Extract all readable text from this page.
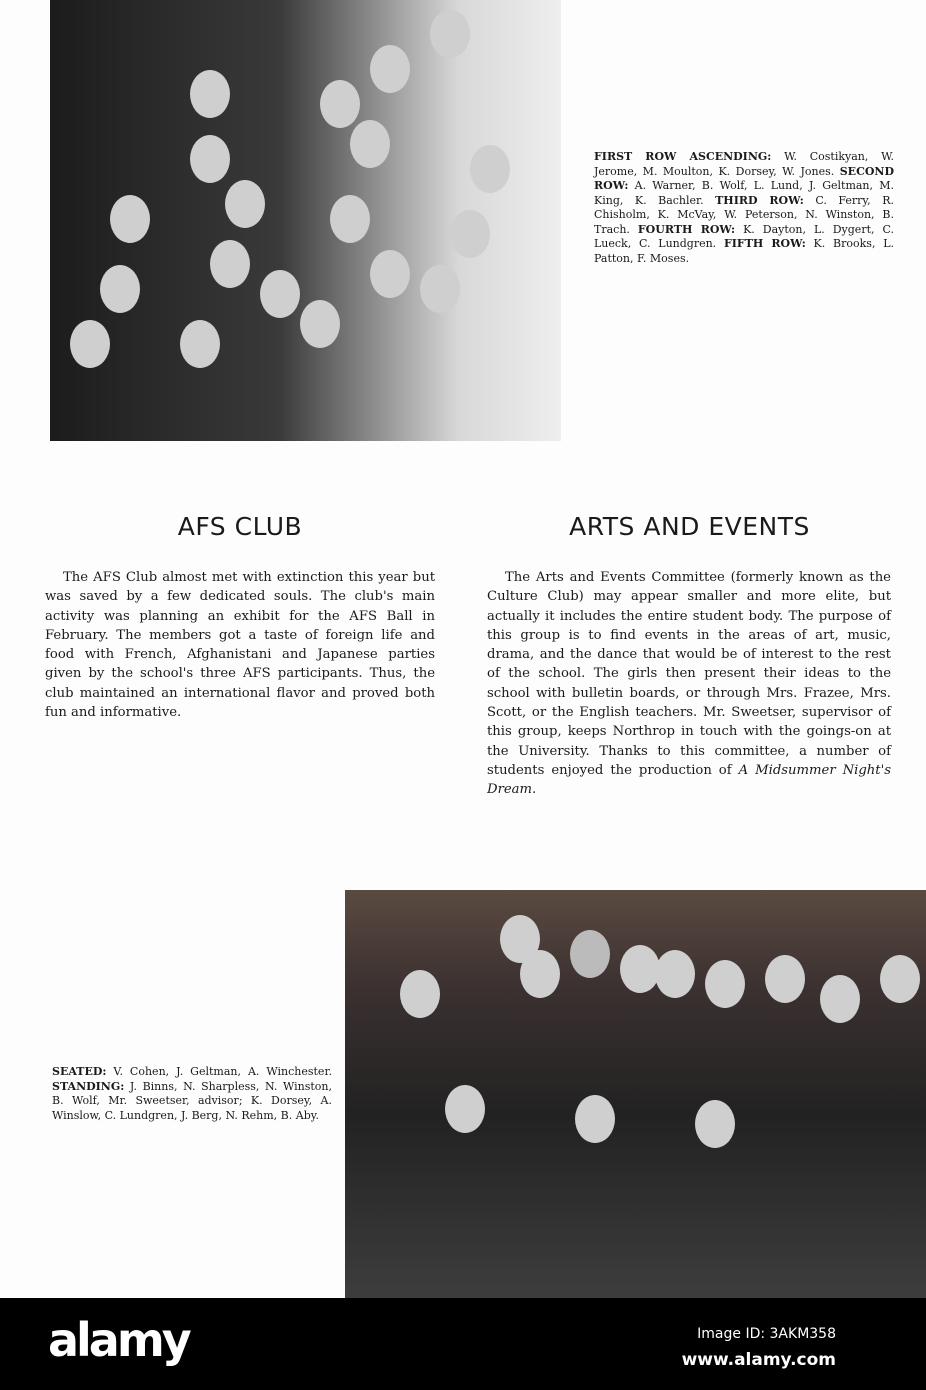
FIRST ROW ASCENDING: W. Costikyan, W. Jerome, M. Moulton, K. Dorsey, W. Jones. SECOND ROW: A. Warner, B. Wolf, L. Lund, J. Geltman, M. King, K. Bachler. THIRD ROW: C. Ferry, R. Chisholm, K. McVay, W. Peterson, N. Winston, B. Trach. FOURTH ROW: K. Dayton, L. Dygert, C. Lueck, C. Lundgren. FIFTH ROW: K. Brooks, L. Patton, F. Moses.
AFS CLUB	ARTS AND EVENTS

The AFS Club almost met with extinction this year but was saved by a few dedicated souls. The club's main activity was planning an exhibit for the AFS Ball in February. The members got a taste of foreign life and food with French, Afghanistani and Japanese parties given by the school's three AFS participants. Thus, the club maintained an international flavor and proved both fun and informative.

The Arts and Events Committee (formerly known as the Culture Club) may appear smaller and more elite, but actually it includes the entire student body. The purpose of this group is to find events in the areas of art, music, drama, and the dance that would be of interest to the rest of the school. The girls then present their ideas to the school with bulletin boards, or through Mrs. Frazee, Mrs. Scott, or the English teachers. Mr. Sweetser, supervisor of this group, keeps Northrop in touch with the goings-on at the University. Thanks to this committee, a number of students enjoyed the production of A Midsummer Night's Dream.

SEATED: V. Cohen, J. Geltman, A. Winchester. STANDING: J. Binns, N. Sharpless, N. Winston, B. Wolf, Mr. Sweetser, advisor; K. Dorsey, A. Winslow, C. Lundgren, J. Berg, N. Rehm, B. Aby.
alamy	Image ID: 3AKM358
www.alamy.com
